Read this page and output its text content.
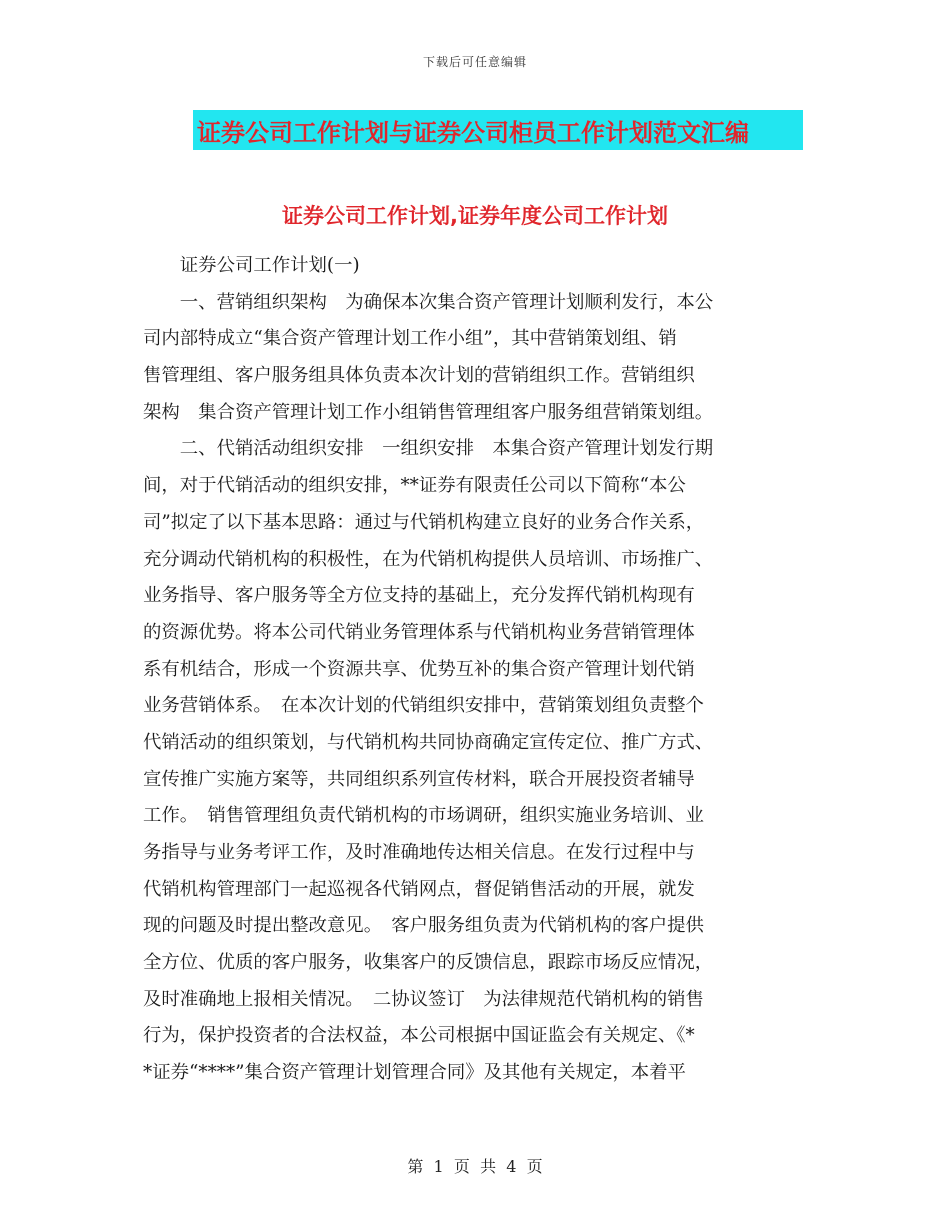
下载后可任意编辑
证券公司工作计划与证券公司柜员工作计划范文汇编
证券公司工作计划,证券年度公司工作计划
　　证券公司工作计划(一)
　　一、营销组织架构　为确保本次集合资产管理计划顺利发行，本公
司内部特成立“集合资产管理计划工作小组”，其中营销策划组、销
售管理组、客户服务组具体负责本次计划的营销组织工作。营销组织
架构　集合资产管理计划工作小组销售管理组客户服务组营销策划组。
　　二、代销活动组织安排　一组织安排　本集合资产管理计划发行期
间，对于代销活动的组织安排，**证券有限责任公司以下简称“本公
司”拟定了以下基本思路：通过与代销机构建立良好的业务合作关系，
充分调动代销机构的积极性，在为代销机构提供人员培训、市场推广、
业务指导、客户服务等全方位支持的基础上，充分发挥代销机构现有
的资源优势。将本公司代销业务管理体系与代销机构业务营销管理体
系有机结合，形成一个资源共享、优势互补的集合资产管理计划代销
业务营销体系。　在本次计划的代销组织安排中，营销策划组负责整个
代销活动的组织策划，与代销机构共同协商确定宣传定位、推广方式、
宣传推广实施方案等，共同组织系列宣传材料，联合开展投资者辅导
工作。　销售管理组负责代销机构的市场调研，组织实施业务培训、业
务指导与业务考评工作，及时准确地传达相关信息。在发行过程中与
代销机构管理部门一起巡视各代销网点，督促销售活动的开展，就发
现的问题及时提出整改意见。　客户服务组负责为代销机构的客户提供
全方位、优质的客户服务，收集客户的反馈信息，跟踪市场反应情况，
及时准确地上报相关情况。　二协议签订　为法律规范代销机构的销售
行为，保护投资者的合法权益，本公司根据中国证监会有关规定、《*
*证券“****”集合资产管理计划管理合同》及其他有关规定，本着平
第  1  页  共  4  页
